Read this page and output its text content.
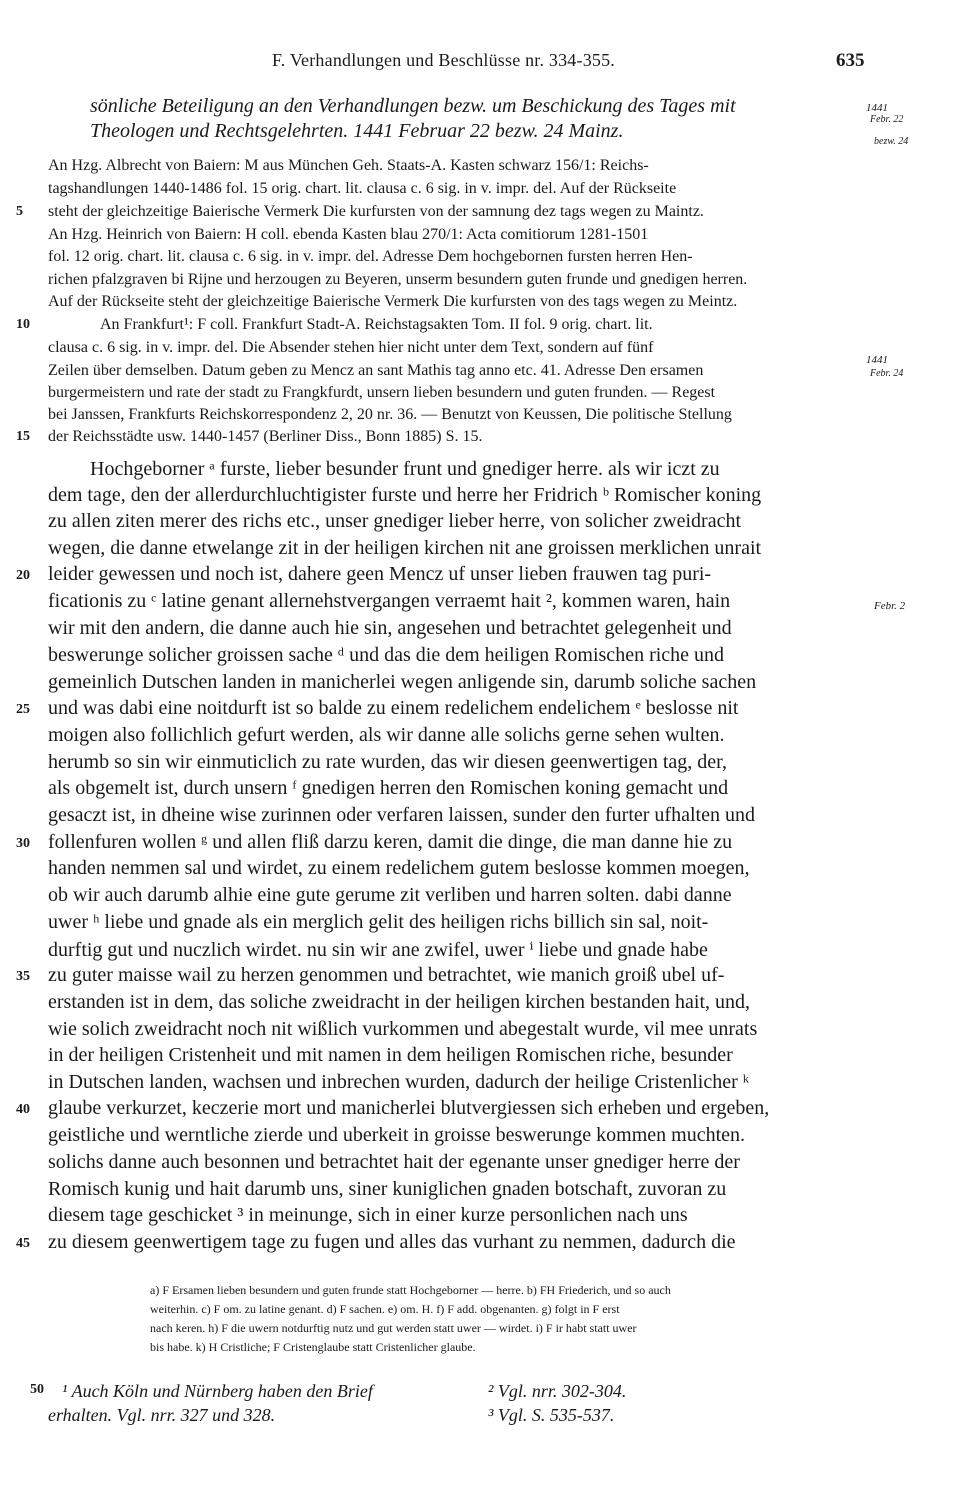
F. Verhandlungen und Beschlüsse nr. 334-355.	635
sönliche Beteiligung an den Verhandlungen bezw. um Beschickung des Tages mit
Theologen und Rechtsgelehrten. 1441 Februar 22 bezw. 24 Mainz.
1441
Febr. 22
bezw. 24
An Hzg. Albrecht von Baiern: M aus München Geh. Staats-A. Kasten schwarz 156/1: Reichs-
tagshandlungen 1440-1486 fol. 15 orig. chart. lit. clausa c. 6 sig. in v. impr. del. Auf der Rückseite
steht der gleichzeitige Baierische Vermerk Die kurfursten von der samnung dez tags wegen zu Maintz.
An Hzg. Heinrich von Baiern: H coll. ebenda Kasten blau 270/1: Acta comitiorum 1281-1501
fol. 12 orig. chart. lit. clausa c. 6 sig. in v. impr. del. Adresse Dem hochgebornen fursten herren Hen-
richen pfalzgraven bi Rijne und herzougen zu Beyeren, unserm besundern guten frunde und gnedigen herren.
Auf der Rückseite steht der gleichzeitige Baierische Vermerk Die kurfursten von des tags wegen zu Meintz.
An Frankfurt¹: F coll. Frankfurt Stadt-A. Reichstagsakten Tom. II fol. 9 orig. chart. lit.
clausa c. 6 sig. in v. impr. del. Die Absender stehen hier nicht unter dem Text, sondern auf fünf
Zeilen über demselben. Datum geben zu Mencz an sant Mathis tag anno etc. 41. Adresse Den ersamen
burgermeistern und rate der stadt zu Frangkfurdt, unsern lieben besundern und guten frunden. — Regest
bei Janssen, Frankfurts Reichskorrespondenz 2, 20 nr. 36. — Benutzt von Keussen, Die politische Stellung
der Reichsstädte usw. 1440-1457 (Berliner Diss., Bonn 1885) S. 15.
1441
Febr. 24
Hochgeborner ᵃ furste, lieber besunder frunt und gnediger herre. als wir iczt zu
dem tage, den der allerdurchluchtigister furste und herre her Fridrich ᵇ Romischer koning
zu allen ziten merer des richs etc., unser gnediger lieber herre, von solicher zweidracht
wegen, die danne etwelange zit in der heiligen kirchen nit ane groissen merklichen unrait
leider gewessen und noch ist, dahere geen Mencz uf unser lieben frauwen tag puri-
ficationis zu ᶜ latine genant allernehstvergangen verraemt hait ², kommen waren, hain
wir mit den andern, die danne auch hie sin, angesehen und betrachtet gelegenheit und
beswerunge solicher groissen sache ᵈ und das die dem heiligen Romischen riche und
gemeinlich Dutschen landen in manicherlei wegen anligende sin, darumb soliche sachen
und was dabi eine noitdurft ist so balde zu einem redelichem endelichem ᵉ beslosse nit
moigen also follichlich gefurt werden, als wir danne alle solichs gerne sehen wulten.
herumb so sin wir einmuticlich zu rate wurden, das wir diesen geenwertigen tag, der,
als obgemelt ist, durch unsern ᶠ gnedigen herren den Romischen koning gemacht und
gesaczt ist, in dheine wise zurinnen oder verfaren laissen, sunder den furter ufhalten und
follenfuren wollen ᵍ und allen fliß darzu keren, damit die dinge, die man danne hie zu
handen nemmen sal und wirdet, zu einem redelichem gutem beslosse kommen moegen,
ob wir auch darumb alhie eine gute gerume zit verliben und harren solten. dabi danne
uwer ʰ liebe und gnade als ein merglich gelit des heiligen richs billich sin sal, noit-
durftig gut und nuczlich wirdet. nu sin wir ane zwifel, uwer ⁱ liebe und gnade habe
zu guter maisse wail zu herzen genommen und betrachtet, wie manich groiß ubel uf-
erstanden ist in dem, das soliche zweidracht in der heiligen kirchen bestanden hait, und,
wie solich zweidracht noch nit wißlich vurkommen und abegestalt wurde, vil mee unrats
in der heiligen Cristenheit und mit namen in dem heiligen Romischen riche, besunder
in Dutschen landen, wachsen und inbrechen wurden, dadurch der heilige Cristenlicher ᵏ
glaube verkurzet, keczerie mort und manicherlei blutvergiessen sich erheben und ergeben,
geistliche und werntliche zierde und uberkeit in groisse beswerunge kommen muchten.
solichs danne auch besonnen und betrachtet hait der egenante unser gnediger herre der
Romisch kunig und hait darumb uns, siner kuniglichen gnaden botschaft, zuvoran zu
diesem tage geschicket ³ in meinunge, sich in einer kurze personlichen nach uns
zu diesem geenwertigem tage zu fugen und alles das vurhant zu nemmen, dadurch die
Febr. 2
5
10
15
20
25
30
35
40
45
50
a) F Ersamen lieben besundern und guten frunde statt Hochgeborner — herre. b) FH Friederich, und so auch
weiterhin. c) F om. zu latine genant. d) F sachen. e) om. H. f) F add. obgenanten. g) folgt in F erst
nach keren. h) F die uwern notdurftig nutz und gut werden statt uwer — wirdet. i) F ir habt statt uwer
bis habe. k) H Cristliche; F Cristenglaube statt Cristenlicher glaube.
¹ Auch Köln und Nürnberg haben den Brief
erhalten. Vgl. nrr. 327 und 328.
² Vgl. nrr. 302-304.
³ Vgl. S. 535-537.
